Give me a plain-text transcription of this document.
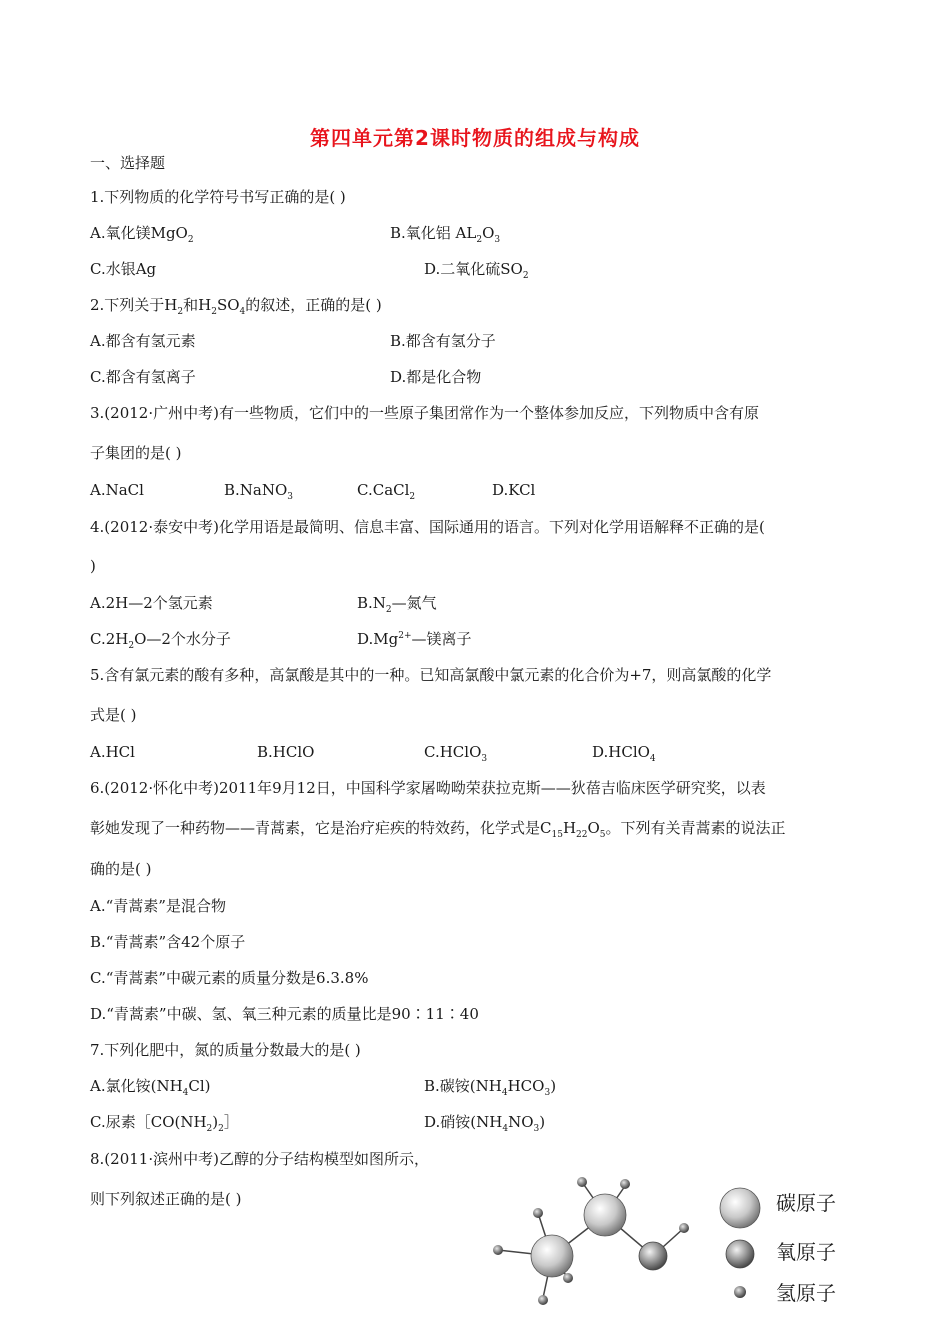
第四单元第2课时物质的组成与构成
一、选择题
1.下列物质的化学符号书写正确的是( )
A.氧化镁MgO$_2$	B.氧化铝 $AL_2O_3$
C.水银Ag	D.二氧化硫$SO_2$
2.下列关于$H_2$和$H_2SO_4$的叙述，正确的是( )
A.都含有氢元素	B.都含有氢分子
C.都含有氢离子	D.都是化合物
3.(2012·广州中考)有一些物质，它们中的一些原子集团常作为一个整体参加反应，下列物质中含有原
子集团的是( )
A.NaCl	B.NaNO$_3$	C.CaCl$_2$	D.KCl
4.(2012·泰安中考)化学用语是最简明、信息丰富、国际通用的语言。下列对化学用语解释不正确的是(
)
A.2H—2个氢元素	$B.N_2—$氮气
$C.2H_2O—2$个水分子	$D.Mg^{2+}—$镁离子
5.含有氯元素的酸有多种，高氯酸是其中的一种。已知高氯酸中氯元素的化合价为+7，则高氯酸的化学
式是( )
A.HCl	B.HClO	C.HClO$_3$	D.HClO$_4$
6.(2012·怀化中考)2011年9月12日，中国科学家屠呦呦荣获拉克斯——狄蓓吉临床医学研究奖，以表
彰她发现了一种药物——青蒿素，它是治疗疟疾的特效药，化学式是$C_{15}H_{22}O_5$。下列有关青蒿素的说法正
确的是( )
A.“青蒿素”是混合物
B.“青蒿素”含42个原子
C.“青蒿素”中碳元素的质量分数是6.3.8%
D.“青蒿素”中碳、氢、氧三种元素的质量比是90∶11∶40
7.下列化肥中，氮的质量分数最大的是( )
A.氯化铵$(NH_4Cl)$	B.碳铵$(NH_4HCO_3)$
C.尿素$[CO(NH_2)_2]$	D.硝铵$(NH_4NO_3)$
8.(2011·滨州中考)乙醇的分子结构模型如图所示，
则下列叙述正确的是( )	碳原子
氧原子
氢原子
